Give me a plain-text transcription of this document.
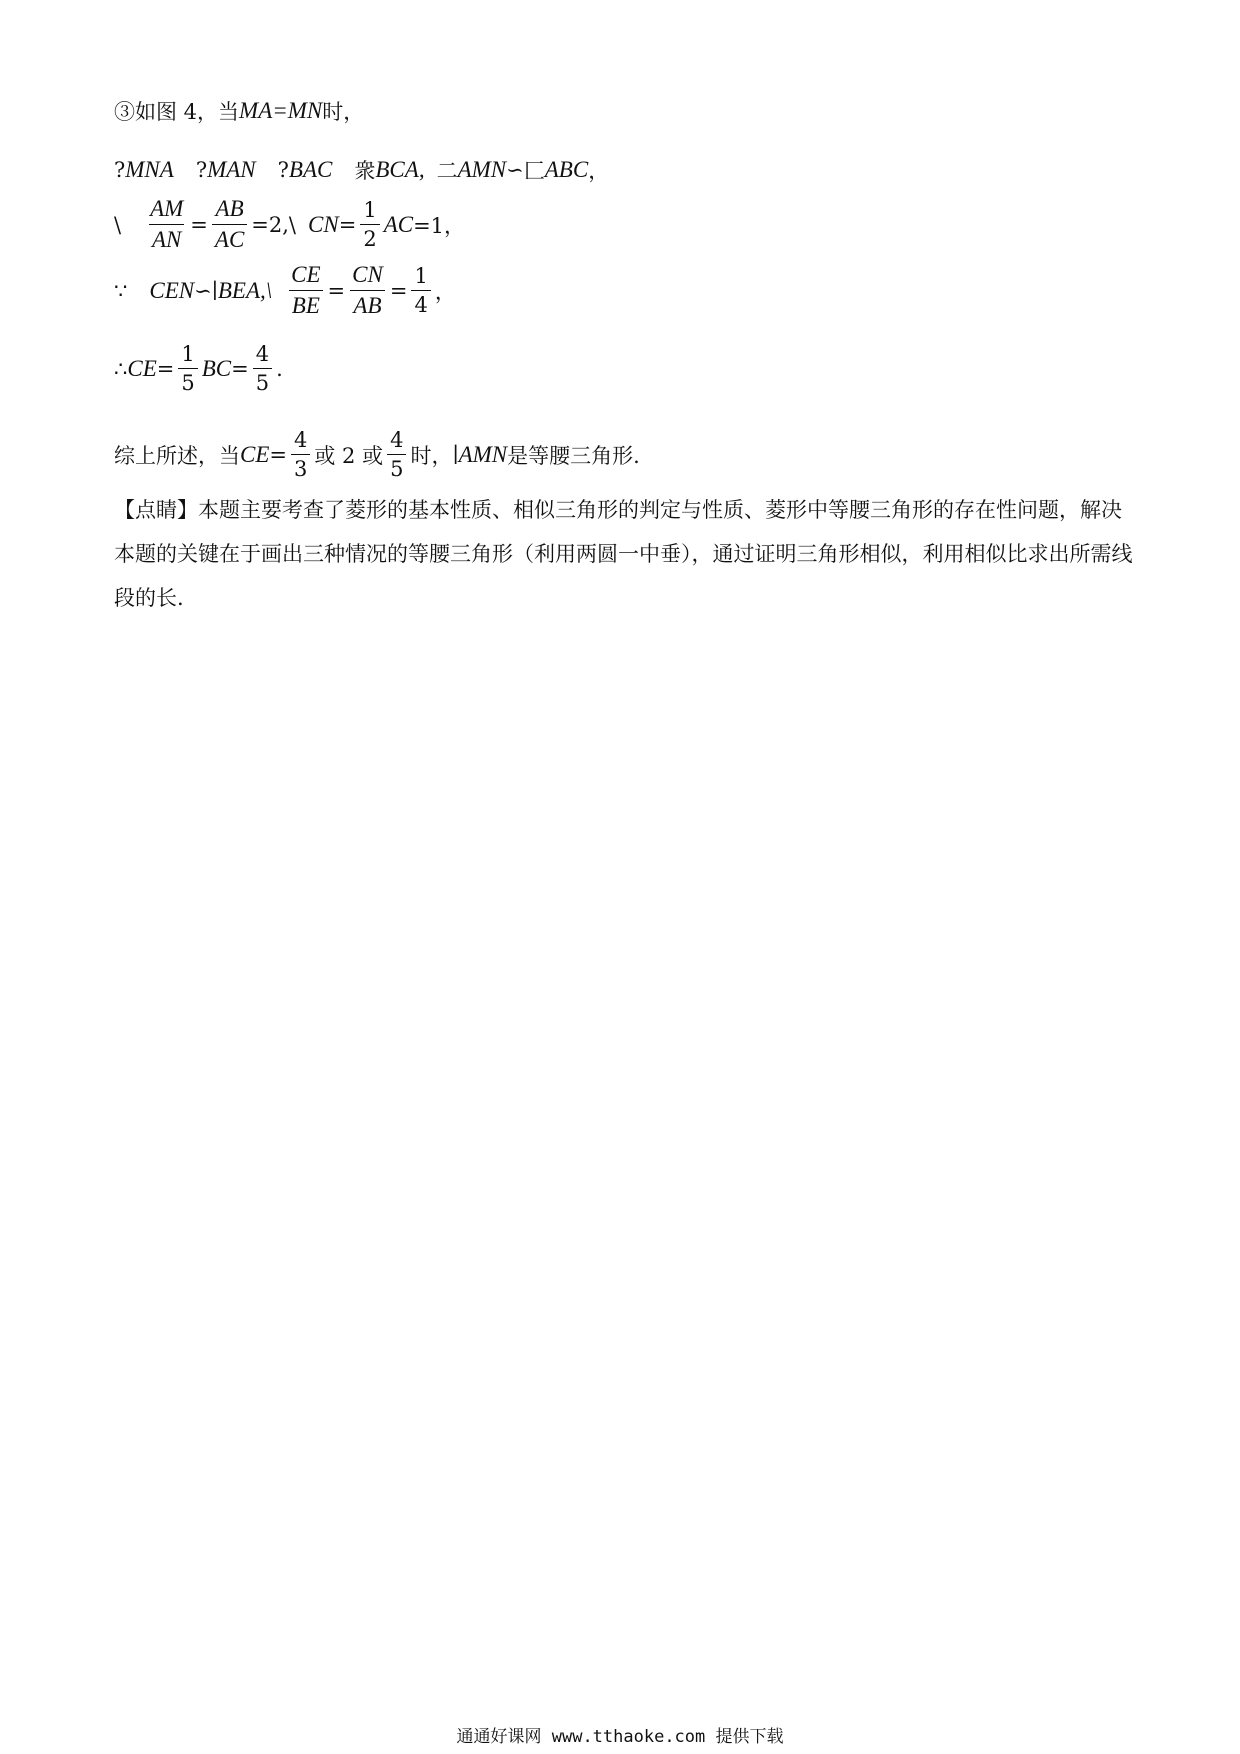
③如图 4，当 MA=MN 时，
? MNA ? MAN ? BAC 衆 BCA, ⼆ AMN ∽ ⼕ ABC ，
\ $\frac{AM}{AN} = \frac{AB}{AC}$ =2,\ CN = $\frac{1}{2}$ AC =1，
∵ CEN ∽ ∣ BEA,\ $\frac{CE}{BE} = \frac{CN}{AB} = \frac{1}{4}$ ，
∴ CE = $\frac{1}{5}$ BC = $\frac{4}{5}$ .
综上所述，当 CE = $\frac{4}{3}$ 或 2 或 $\frac{4}{5}$ 时， ∣ AMN 是等腰三角形.
【点睛】本题主要考查了菱形的基本性质、相似三角形的判定与性质、菱形中等腰三角形的存在性问题，解决本题的关键在于画出三种情况的等腰三角形（利用两圆一中垂），通过证明三角形相似，利用相似比求出所需线段的长.
通通好课网 www.tthaoke.com 提供下载
